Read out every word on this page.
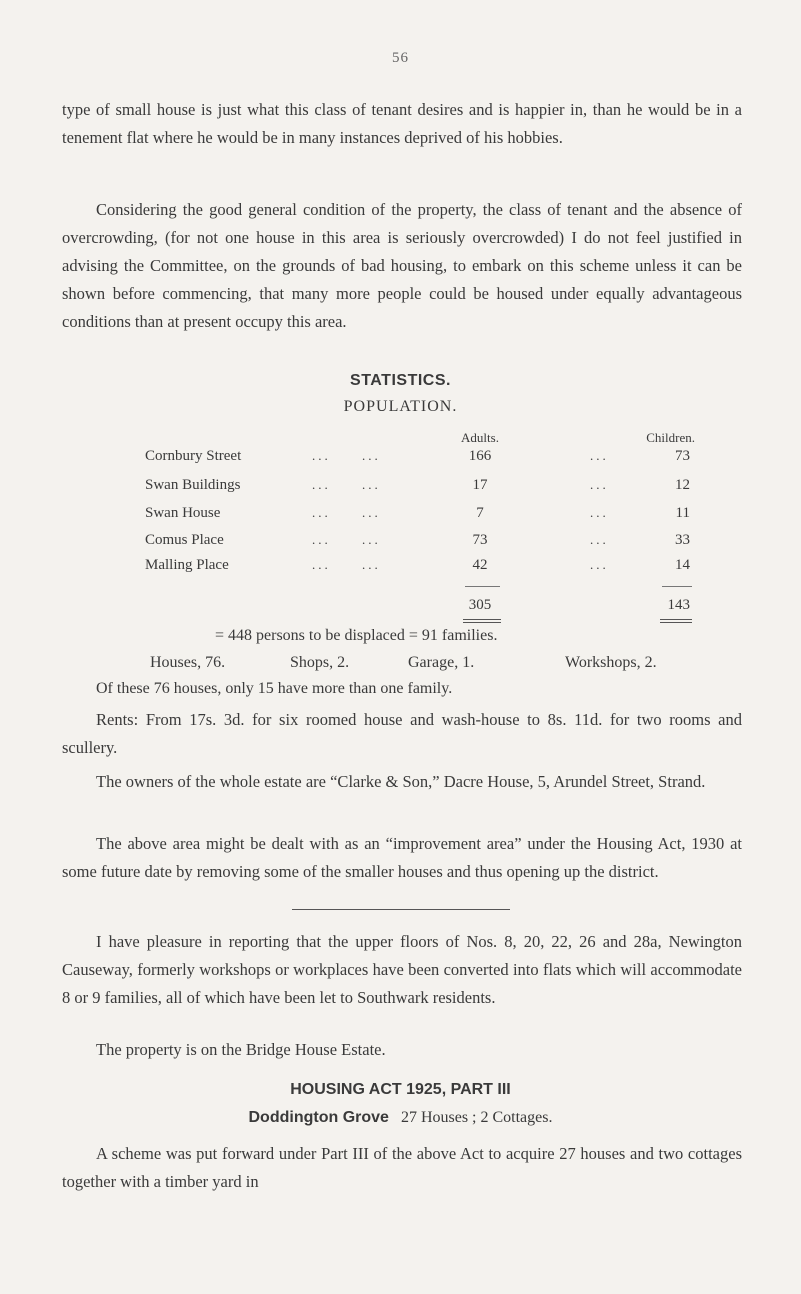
56
type of small house is just what this class of tenant desires and is happier in, than he would be in a tenement flat where he would be in many instances deprived of his hobbies.
Considering the good general condition of the property, the class of tenant and the absence of overcrowding, (for not one house in this area is seriously overcrowded) I do not feel justified in advising the Committee, on the grounds of bad housing, to embark on this scheme unless it can be shown before commencing, that many more people could be housed under equally advantageous conditions than at present occupy this area.
STATISTICS.
POPULATION.
Adults.	Children.
Cornbury Street	...     ...	166	...	73
Swan Buildings	...     ...	17	...	12
Swan House	...     ...	7	...	11
Comus Place	...     ...	73	...	33
Malling Place	...     ...	42	...	14
305	143
= 448 persons to be displaced = 91 families.
Houses, 76.	Shops, 2.	Garage, 1.	Workshops, 2.
Of these 76 houses, only 15 have more than one family.
Rents: From 17s. 3d. for six roomed house and wash-house to 8s. 11d. for two rooms and scullery.
The owners of the whole estate are “Clarke & Son,” Dacre House, 5, Arundel Street, Strand.
The above area might be dealt with as an “improvement area” under the Housing Act, 1930 at some future date by removing some of the smaller houses and thus opening up the district.
I have pleasure in reporting that the upper floors of Nos. 8, 20, 22, 26 and 28a, Newington Causeway, formerly workshops or workplaces have been converted into flats which will accommodate 8 or 9 families, all of which have been let to Southwark residents.
The property is on the Bridge House Estate.
HOUSING ACT 1925, PART III
Doddington Grove 27 Houses ; 2 Cottages.
A scheme was put forward under Part III of the above Act to acquire 27 houses and two cottages together with a timber yard in
